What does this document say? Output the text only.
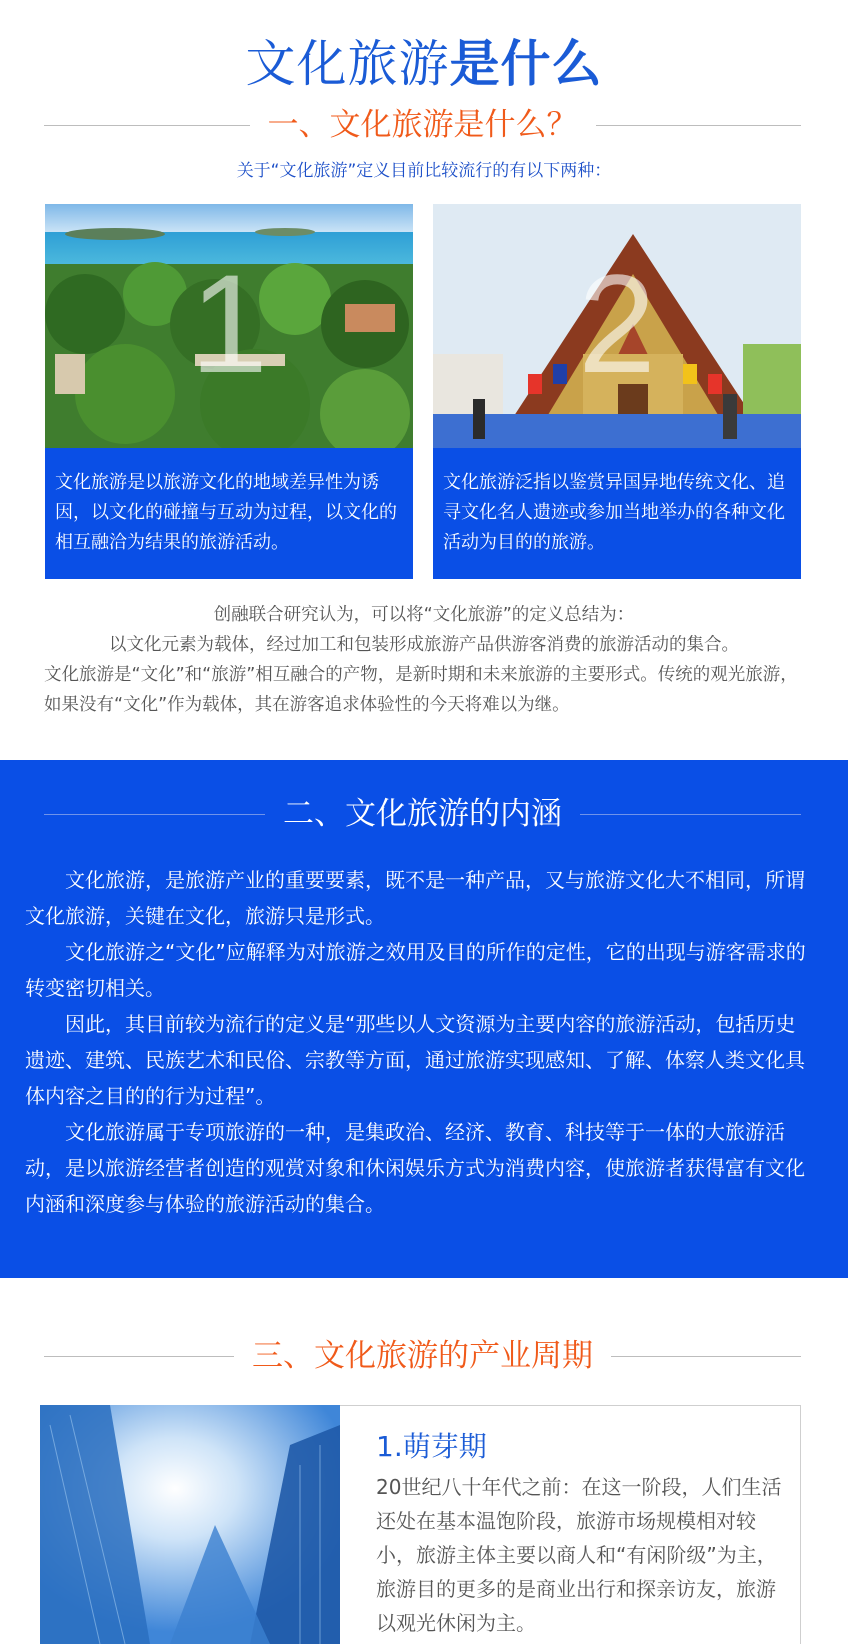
文化旅游是什么
一、文化旅游是什么？
关于“文化旅游”定义目前比较流行的有以下两种：
1
文化旅游是以旅游文化的地域差异性为诱因，以文化的碰撞与互动为过程，以文化的相互融洽为结果的旅游活动。
2
文化旅游泛指以鉴赏异国异地传统文化、追寻文化名人遗迹或参加当地举办的各种文化活动为目的的旅游。

创融联合研究认为，可以将“文化旅游”的定义总结为：

以文化元素为载体，经过加工和包装形成旅游产品供游客消费的旅游活动的集合。

文化旅游是“文化”和“旅游”相互融合的产物，是新时期和未来旅游的主要形式。传统的观光旅游，如果没有“文化”作为载体，其在游客追求体验性的今天将难以为继。

二、文化旅游的内涵

文化旅游，是旅游产业的重要要素，既不是一种产品，又与旅游文化大不相同，所谓文化旅游，关键在文化，旅游只是形式。

文化旅游之“文化”应解释为对旅游之效用及目的所作的定性，它的出现与游客需求的转变密切相关。

因此，其目前较为流行的定义是“那些以人文资源为主要内容的旅游活动，包括历史遗迹、建筑、民族艺术和民俗、宗教等方面，通过旅游实现感知、了解、体察人类文化具体内容之目的的行为过程”。

文化旅游属于专项旅游的一种，是集政治、经济、教育、科技等于一体的大旅游活动，是以旅游经营者创造的观赏对象和休闲娱乐方式为消费内容，使旅游者获得富有文化内涵和深度参与体验的旅游活动的集合。

三、文化旅游的产业周期
1.萌芽期
20世纪八十年代之前：在这一阶段，人们生活还处在基本温饱阶段，旅游市场规模相对较小，旅游主体主要以商人和“有闲阶级”为主，旅游目的更多的是商业出行和探亲访友，旅游以观光休闲为主。
